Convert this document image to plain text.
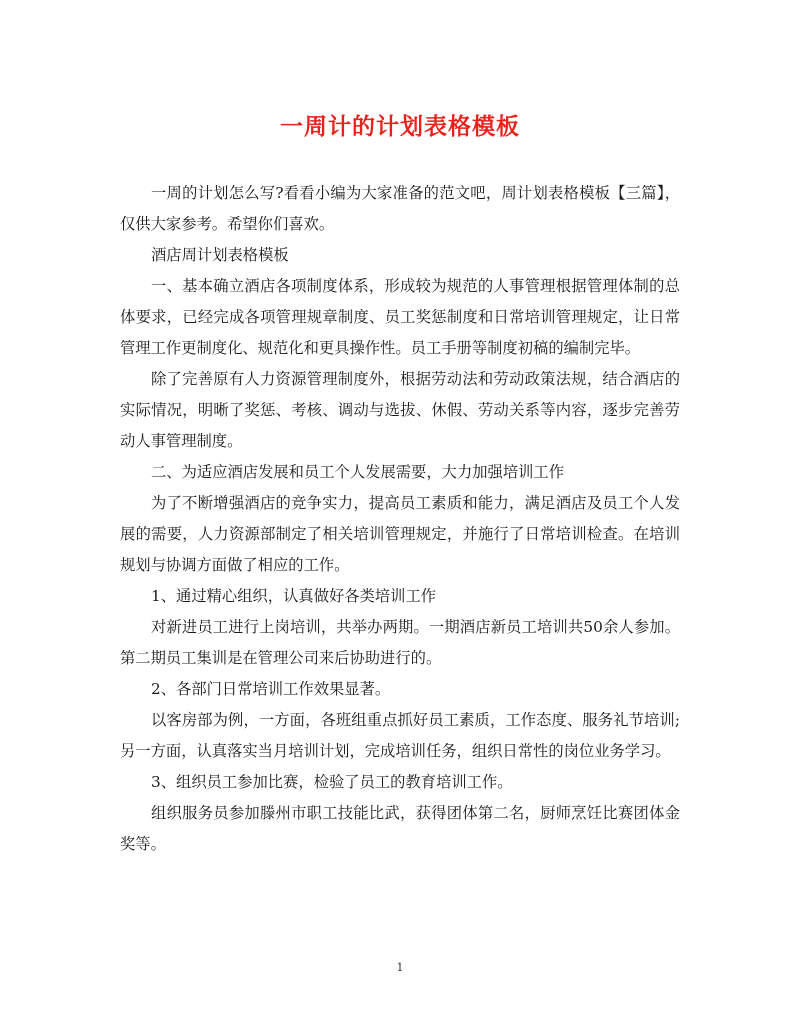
一周计的计划表格模板

一周的计划怎么写?看看小编为大家准备的范文吧，周计划表格模板【三篇】，仅供大家参考。希望你们喜欢。

酒店周计划表格模板

一、基本确立酒店各项制度体系，形成较为规范的人事管理根据管理体制的总体要求，已经完成各项管理规章制度、员工奖惩制度和日常培训管理规定，让日常管理工作更制度化、规范化和更具操作性。员工手册等制度初稿的编制完毕。

除了完善原有人力资源管理制度外，根据劳动法和劳动政策法规，结合酒店的实际情况，明晰了奖惩、考核、调动与选拔、休假、劳动关系等内容，逐步完善劳动人事管理制度。

二、为适应酒店发展和员工个人发展需要，大力加强培训工作

为了不断增强酒店的竞争实力，提高员工素质和能力，满足酒店及员工个人发展的需要，人力资源部制定了相关培训管理规定，并施行了日常培训检查。在培训规划与协调方面做了相应的工作。

1、通过精心组织，认真做好各类培训工作

对新进员工进行上岗培训，共举办两期。一期酒店新员工培训共50余人参加。第二期员工集训是在管理公司来后协助进行的。

2、各部门日常培训工作效果显著。

以客房部为例，一方面，各班组重点抓好员工素质，工作态度、服务礼节培训;另一方面，认真落实当月培训计划，完成培训任务，组织日常性的岗位业务学习。

3、组织员工参加比赛，检验了员工的教育培训工作。

组织服务员参加滕州市职工技能比武，获得团体第二名，厨师烹饪比赛团体金奖等。

1
